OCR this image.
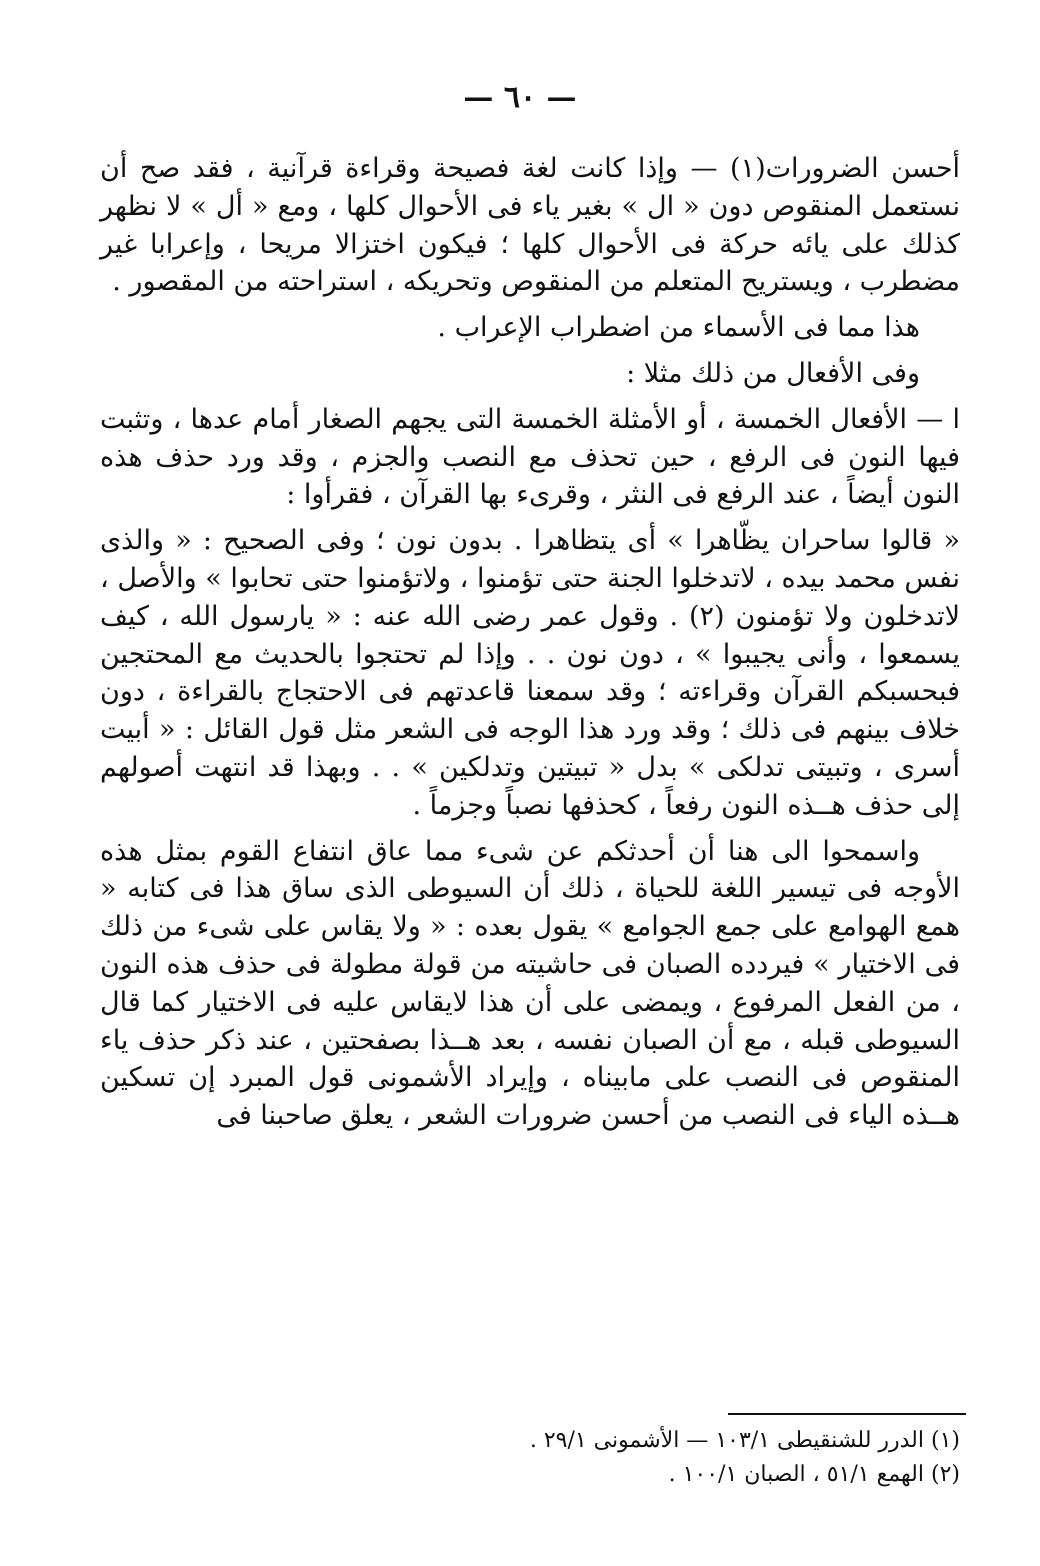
— ٦٠ —

أحسن الضرورات(١) — وإذا كانت لغة فصيحة وقراءة قرآنية ، فقد صح أن نستعمل المنقوص دون « ال » بغير ياء فى الأحوال كلها ، ومع « أل » لا نظهر كذلك على يائه حركة فى الأحوال كلها ؛ فيكون اختزالا مريحا ، وإعرابا غير مضطرب ، ويستريح المتعلم من المنقوص وتحريكه ، استراحته من المقصور .

هذا مما فى الأسماء من اضطراب الإعراب .

وفى الأفعال من ذلك مثلا :

ا — الأفعال الخمسة ، أو الأمثلة الخمسة التى يجهم الصغار أمام عدها ، وتثبت فيها النون فى الرفع ، حين تحذف مع النصب والجزم ، وقد ورد حذف هذه النون أيضاً ، عند الرفع فى النثر ، وقرىء بها القرآن ، فقرأوا :

« قالوا ساحران يظّاهرا » أى يتظاهرا . بدون نون ؛ وفى الصحيح : « والذى نفس محمد بيده ، لاتدخلوا الجنة حتى تؤمنوا ، ولاتؤمنوا حتى تحابوا » والأصل ، لاتدخلون ولا تؤمنون (٢) . وقول عمر رضى الله عنه : « يارسول الله ، كيف يسمعوا ، وأنى يجيبوا » ، دون نون . . وإذا لم تحتجوا بالحديث مع المحتجين فبحسبكم القرآن وقراءته ؛ وقد سمعنا قاعدتهم فى الاحتجاج بالقراءة ، دون خلاف بينهم فى ذلك ؛ وقد ورد هذا الوجه فى الشعر مثل قول القائل : « أبيت أسرى ، وتبيتى تدلكى » بدل « تبيتين وتدلكين » . . وبهذا قد انتهت أصولهم إلى حذف هــذه النون رفعاً ، كحذفها نصباً وجزماً .

واسمحوا الى هنا أن أحدثكم عن شىء مما عاق انتفاع القوم بمثل هذه الأوجه فى تيسير اللغة للحياة ، ذلك أن السيوطى الذى ساق هذا فى كتابه « همع الهوامع على جمع الجوامع » يقول بعده : « ولا يقاس على شىء من ذلك فى الاختيار » فيردده الصبان فى حاشيته من قولة مطولة فى حذف هذه النون ، من الفعل المرفوع ، ويمضى على أن هذا لايقاس عليه فى الاختيار كما قال السيوطى قبله ، مع أن الصبان نفسه ، بعد هــذا بصفحتين ، عند ذكر حذف ياء المنقوص فى النصب على مابيناه ، وإيراد الأشمونى قول المبرد إن تسكين هــذه الياء فى النصب من أحسن ضرورات الشعر ، يعلق صاحبنا فى

(١) الدرر للشنقيطى ١٠٣/١ — الأشمونى ٢٩/١ .

(٢) الهمع ٥١/١ ، الصبان ١٠٠/١ .
